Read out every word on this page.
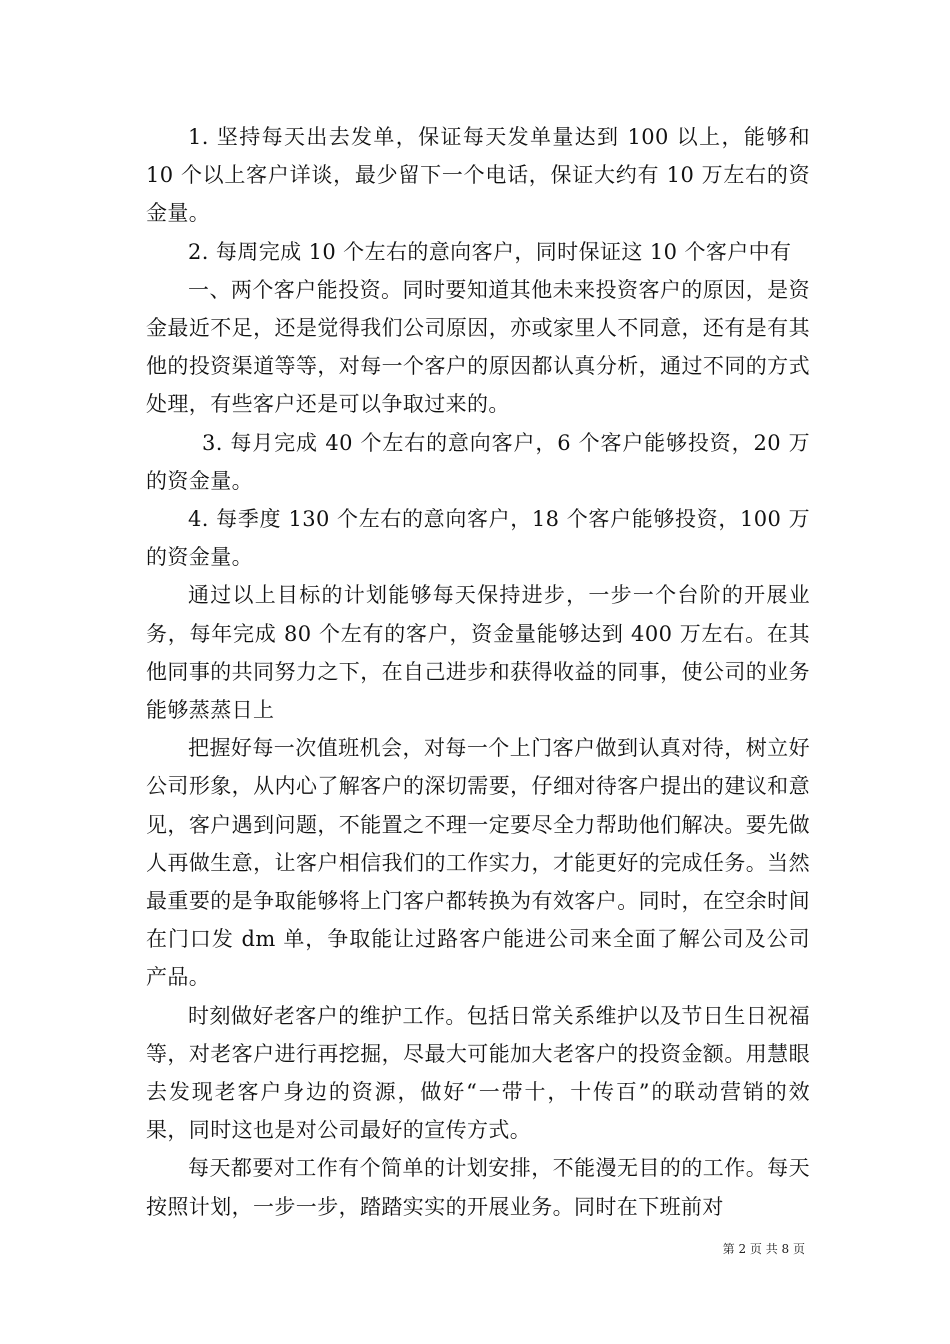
1. 坚持每天出去发单，保证每天发单量达到 100 以上，能够和 10 个以上客户详谈，最少留下一个电话，保证大约有 10 万左右的资金量。

2. 每周完成 10 个左右的意向客户，同时保证这 10 个客户中有

一、两个客户能投资。同时要知道其他未来投资客户的原因，是资金最近不足，还是觉得我们公司原因，亦或家里人不同意，还有是有其他的投资渠道等等，对每一个客户的原因都认真分析，通过不同的方式处理，有些客户还是可以争取过来的。

3. 每月完成 40 个左右的意向客户，6 个客户能够投资，20 万的资金量。

4. 每季度 130 个左右的意向客户，18 个客户能够投资，100 万的资金量。

通过以上目标的计划能够每天保持进步，一步一个台阶的开展业务，每年完成 80 个左有的客户，资金量能够达到 400 万左右。在其他同事的共同努力之下，在自己进步和获得收益的同事，使公司的业务能够蒸蒸日上

把握好每一次值班机会，对每一个上门客户做到认真对待，树立好公司形象，从内心了解客户的深切需要，仔细对待客户提出的建议和意见，客户遇到问题，不能置之不理一定要尽全力帮助他们解决。要先做人再做生意，让客户相信我们的工作实力，才能更好的完成任务。当然最重要的是争取能够将上门客户都转换为有效客户。同时，在空余时间在门口发 dm 单，争取能让过路客户能进公司来全面了解公司及公司产品。

时刻做好老客户的维护工作。包括日常关系维护以及节日生日祝福等，对老客户进行再挖掘，尽最大可能加大老客户的投资金额。用慧眼去发现老客户身边的资源，做好“一带十，十传百”的联动营销的效果，同时这也是对公司最好的宣传方式。

每天都要对工作有个简单的计划安排，不能漫无目的的工作。每天按照计划，一步一步，踏踏实实的开展业务。同时在下班前对

第 2 页 共 8 页
